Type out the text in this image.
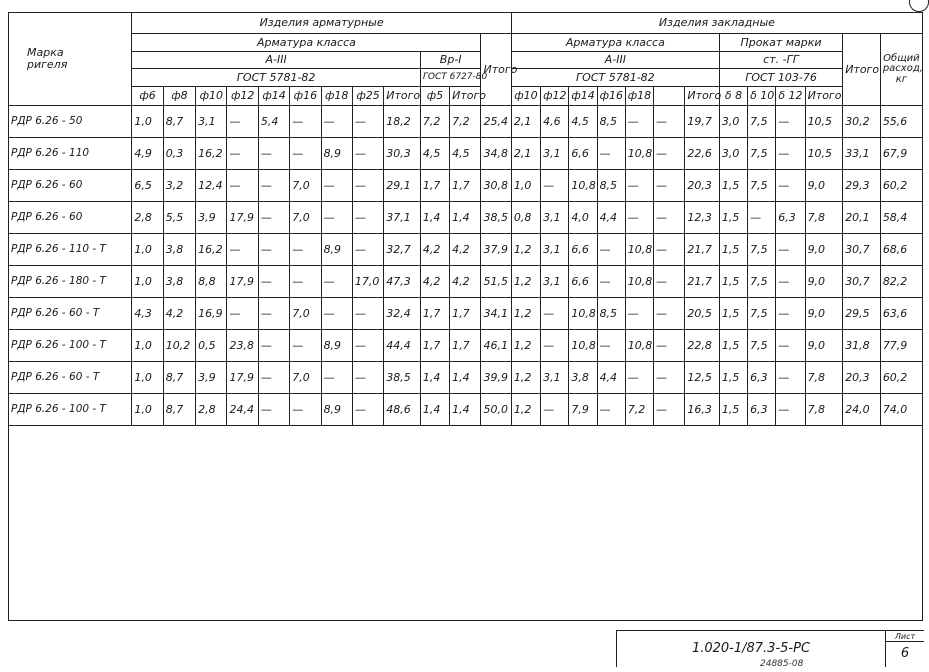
Марка
ригеля	Изделия арматурные												Изделия закладные												
	Арматура класса											Итого	Арматура класса							Прокат марки				Итого	Общий расход, кг
	А-III									Вр-I			А-III							ст. -ГГ					
	ГОСТ 5781-82									ГОСТ 6727-80			ГОСТ 5781-82							ГОСТ 103-76					
	ф6	ф8	ф10	ф12	ф14	ф16	ф18	ф25	Итого	ф5	Итого		ф10	ф12	ф14	ф16	ф18		Итого	δ 8	δ 10	δ 12	Итого		
РДР 6.26 - 50	1,0	8,7	3,1	—	5,4	—	—	—	18,2	7,2	7,2	25,4	2,1	4,6	4,5	8,5	—	—	19,7	3,0	7,5	—	10,5	30,2	55,6
РДР 6.26 - 110	4,9	0,3	16,2	—	—	—	8,9	—	30,3	4,5	4,5	34,8	2,1	3,1	6,6	—	10,8	—	22,6	3,0	7,5	—	10,5	33,1	67,9
РДР 6.26 - 60	6,5	3,2	12,4	—	—	7,0	—	—	29,1	1,7	1,7	30,8	1,0	—	10,8	8,5	—	—	20,3	1,5	7,5	—	9,0	29,3	60,2
РДР 6.26 - 60	2,8	5,5	3,9	17,9	—	7,0	—	—	37,1	1,4	1,4	38,5	0,8	3,1	4,0	4,4	—	—	12,3	1,5	—	6,3	7,8	20,1	58,4
РДР 6.26 - 110 - Т	1,0	3,8	16,2	—	—	—	8,9	—	32,7	4,2	4,2	37,9	1,2	3,1	6,6	—	10,8	—	21,7	1,5	7,5	—	9,0	30,7	68,6
РДР 6.26 - 180 - Т	1,0	3,8	8,8	17,9	—	—	—	17,0	47,3	4,2	4,2	51,5	1,2	3,1	6,6	—	10,8	—	21,7	1,5	7,5	—	9,0	30,7	82,2
РДР 6.26 - 60 - Т	4,3	4,2	16,9	—	—	7,0	—	—	32,4	1,7	1,7	34,1	1,2	—	10,8	8,5	—	—	20,5	1,5	7,5	—	9,0	29,5	63,6
РДР 6.26 - 100 - Т	1,0	10,2	0,5	23,8	—	—	8,9	—	44,4	1,7	1,7	46,1	1,2	—	10,8	—	10,8	—	22,8	1,5	7,5	—	9,0	31,8	77,9
РДР 6.26 - 60 - Т	1,0	8,7	3,9	17,9	—	7,0	—	—	38,5	1,4	1,4	39,9	1,2	3,1	3,8	4,4	—	—	12,5	1,5	6,3	—	7,8	20,3	60,2
РДР 6.26 - 100 - Т	1,0	8,7	2,8	24,4	—	—	8,9	—	48,6	1,4	1,4	50,0	1,2	—	7,9	—	7,2	—	16,3	1,5	6,3	—	7,8	24,0	74,0

1.020-1/87.3-5-РС
Лист
6
24885-08
